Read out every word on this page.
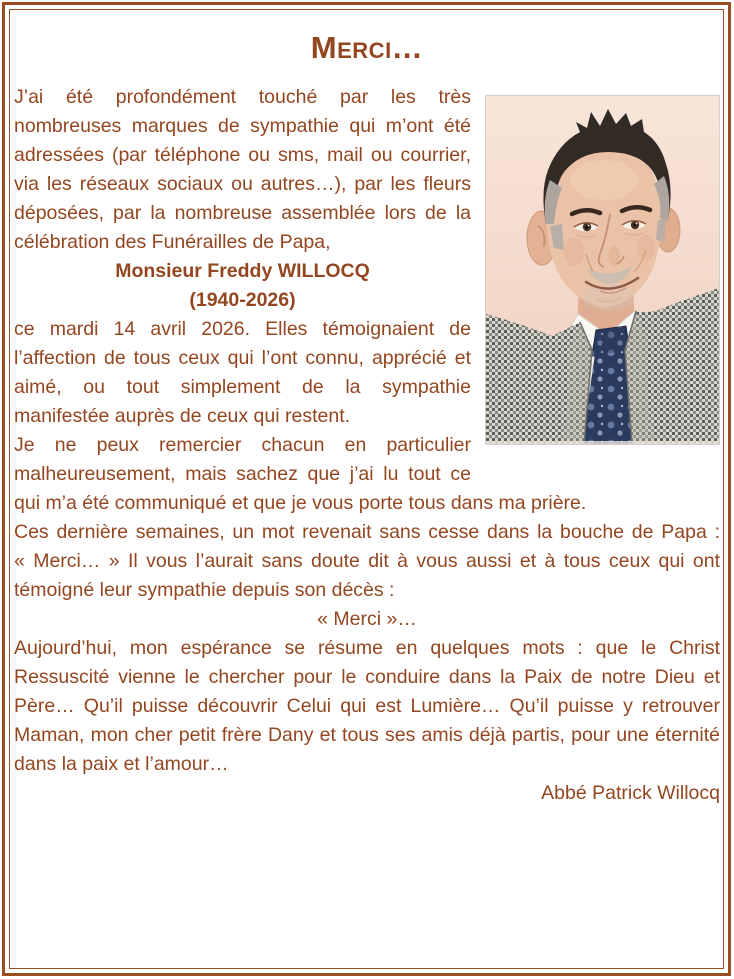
Merci…

J’ai été profondément touché par les très nombreuses marques de sympathie qui m’ont été adressées (par téléphone ou sms, mail ou courrier, via les réseaux sociaux ou autres…), par les fleurs déposées, par la nombreuse assemblée lors de la célébration des Funérailles de Papa,

Monsieur Freddy WILLOCQ

(1940-2026)

ce mardi 14 avril 2026. Elles témoignaient de l’affection de tous ceux qui l’ont connu, apprécié et aimé, ou tout simplement de la sympathie manifestée auprès de ceux qui restent.

Je ne peux remercier chacun en particulier malheureusement, mais sachez que j’ai lu tout ce qui m’a été communiqué et que je vous porte tous dans ma prière.

Ces dernière semaines, un mot revenait sans cesse dans la bouche de Papa : « Merci… » Il vous l’aurait sans doute dit à vous aussi et à tous ceux qui ont témoigné leur sympathie depuis son décès :

« Merci »…

Aujourd’hui, mon espérance se résume en quelques mots : que le Christ Ressuscité vienne le chercher pour le conduire dans la Paix de notre Dieu et Père… Qu’il puisse découvrir Celui qui est Lumière… Qu’il puisse y retrouver Maman, mon cher petit frère Dany et tous ses amis déjà partis, pour une éternité dans la paix et l’amour…

Abbé Patrick Willocq
